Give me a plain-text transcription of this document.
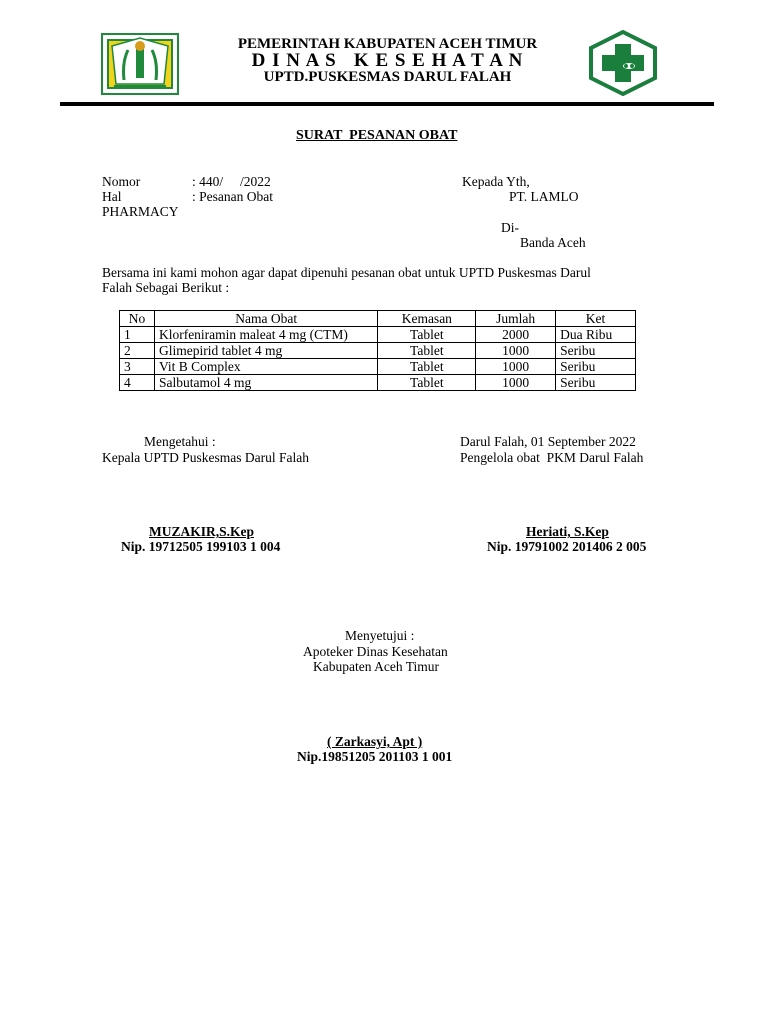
PEMERINTAH KABUPATEN ACEH TIMUR
D I N A S   K E S E H A T A N
UPTD.PUSKESMAS DARUL FALAH
SURAT  PESANAN OBAT
Nomor	: 440/     /2022
Hal	: Pesanan Obat
Kepada Yth,
PT. LAMLO
PHARMACY
Di-
Banda Aceh
Bersama ini kami mohon agar dapat dipenuhi pesanan obat untuk UPTD Puskesmas Darul
Falah Sebagai Berikut :
No	Nama Obat	Kemasan	Jumlah	Ket
1	Klorfeniramin maleat 4 mg (CTM)	Tablet	2000	Dua Ribu
2	Glimepirid tablet 4 mg	Tablet	1000	Seribu
3	Vit B Complex	Tablet	1000	Seribu
4	Salbutamol 4 mg	Tablet	1000	Seribu
Mengetahui :
Kepala UPTD Puskesmas Darul Falah
MUZAKIR,S.Kep
Nip. 19712505 199103 1 004
Darul Falah, 01 September 2022
Pengelola obat  PKM Darul Falah
Heriati, S.Kep
Nip. 19791002 201406 2 005
Menyetujui :
Apoteker Dinas Kesehatan
Kabupaten Aceh Timur
( Zarkasyi, Apt )
Nip.19851205 201103 1 001
